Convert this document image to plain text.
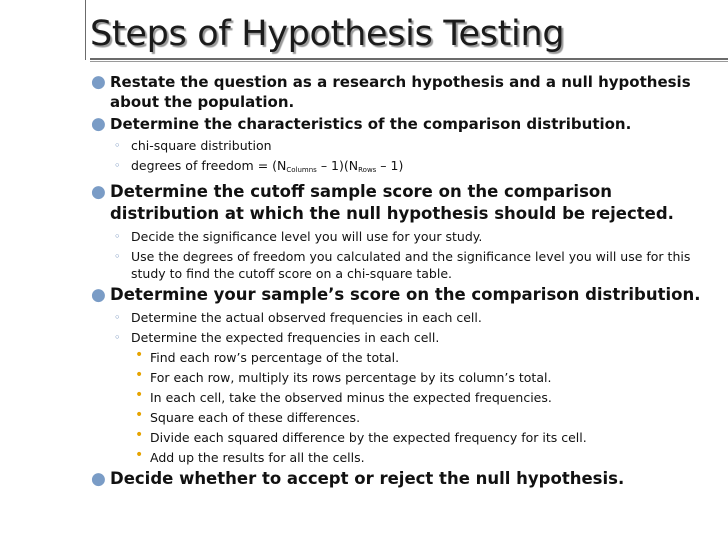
Steps of Hypothesis Testing
● Restate the question as a research hypothesis and a null hypothesis about the population.
● Determine the characteristics of the comparison distribution.
◦ chi-square distribution
◦ degrees of freedom = $(N_{Columns} - 1)(N_{Rows} - 1)$
● Determine the cutoff sample score on the comparison distribution at which the null hypothesis should be rejected.
◦ Decide the significance level you will use for your study.
◦ Use the degrees of freedom you calculated and the significance level you will use for this study to find the cutoff score on a chi-square table.
● Determine your sample’s score on the comparison distribution.
◦ Determine the actual observed frequencies in each cell.
◦ Determine the expected frequencies in each cell.
• Find each row’s percentage of the total.
• For each row, multiply its rows percentage by its column’s total.
• In each cell, take the observed minus the expected frequencies.
• Square each of these differences.
• Divide each squared difference by the expected frequency for its cell.
• Add up the results for all the cells.
● Decide whether to accept or reject the null hypothesis.
